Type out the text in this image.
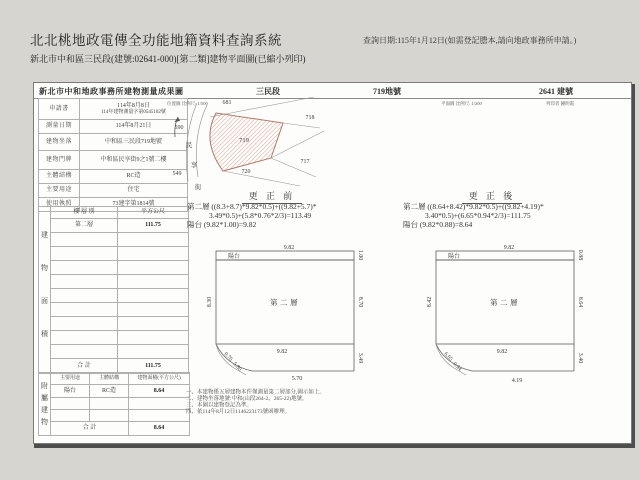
北北桃地政電傳全功能地籍資料查詢系統	查詢日期:115年1月12日(如需登記謄本,請向地政事務所申請。)
新北市中和區三民段(建號:02641-000)[第二類]建物平面圖(已縮小列印)
新北市中和地政事務所建物測量成果圖	三民段	719地號	2641 建號
申請書	114年8月8日
114年建物測量字第0545102號

測量日期	114年8月21日
建物坐落	中和區三民段719地號
建物門牌	中和區民享街9之1號二樓
主體結構	RC造
主要用途	住宅
使用執照	73建字第1814號
建物面積	樓 層 別	平方公尺
	第二層	111.75

	合 計	111.75
附屬建物	主要用途	主體結構	建物面積(平方公尺)
	陽台	RC造	8.64

	合 計		8.64
681
718
719
717
720
590
549
民
享
街
位置圖 比例尺: 1/500	平面圖 比例尺: 1/200	列印者 鍾明霞
更 正 前
第二層 ((8.3+8.7)*9.82*0.5)+((9.82+5.7)*
3.49*0.5)+(5.8*0.76*2/3)=113.49
陽台 (9.82*1.00)=9.82
陽台
9.82
1.00
8.30	8.70
第二層
9.82
3.49
5.70
0.76
5.80
更 正 後
第二層 ((8.64+8.42)*9.82*0.5)+((9.82+4.19)*
3.40*0.5)+(6.65*0.94*2/3)=111.75
陽台 (9.82*0.88)=8.64
陽台
9.82
0.88
8.42	8.64
第二層
9.82
3.40
4.19
6.65
0.94
一、本建物係五層建物本件僅測量第二層部分,圖示如上。
二、建物坐落地號:中和(山段264-2、265-22)地號。
三、本圖以建物登記為準。
四、依114年8月12日1146223173號函辦理。
